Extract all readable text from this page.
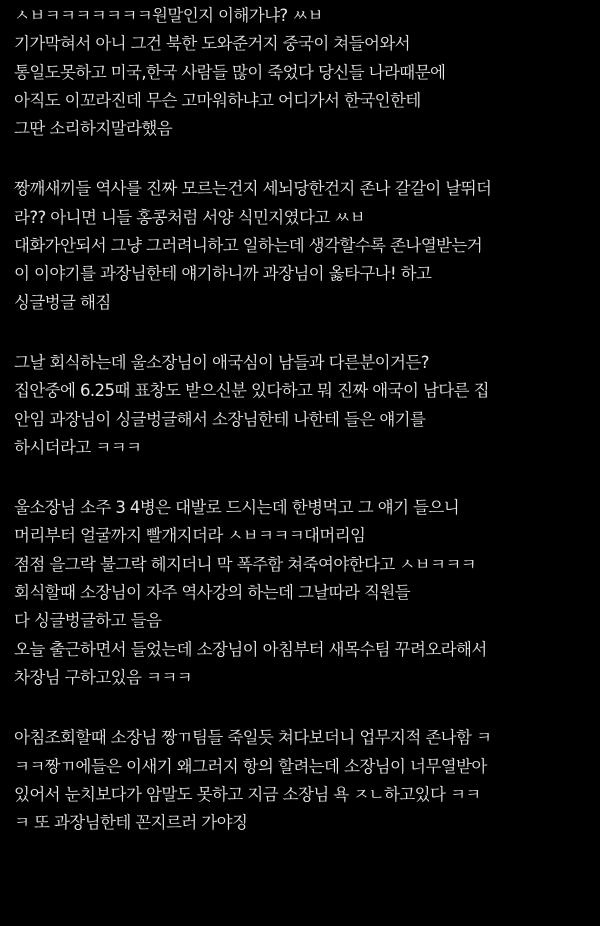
ㅅㅂㅋㅋㅋㅋㅋㅋㅋ원말인지 이해가냐? ㅆㅂ
기가막혀서 아니 그건 북한 도와준거지 중국이 쳐들어와서
통일도못하고 미국,한국 사람들 많이 죽었다 당신들 나라때문에
아직도 이꼬라진데 무슨 고마워하냐고 어디가서 한국인한테
그딴 소리하지말라했음
짱깨새끼들 역사를 진짜 모르는건지 세뇌당한건지 존나 갈갈이 날뛰더
라?? 아니면 니들 홍콩처럼 서양 식민지였다고 ㅆㅂ
대화가안되서 그냥 그러려니하고 일하는데 생각할수록 존나열받는거
이 이야기를 과장님한테 얘기하니까 과장님이 옳타구나! 하고
싱글벙글 해짐
그날 회식하는데 울소장님이 애국심이 남들과 다른분이거든?
집안중에 6.25때 표창도 받으신분 있다하고 뭐 진짜 애국이 남다른 집
안임 과장님이 싱글벙글해서 소장님한테 나한테 들은 얘기를
하시더라고 ㅋㅋㅋ
울소장님 소주 3 4병은 대발로 드시는데 한병먹고 그 얘기 들으니
머리부터 얼굴까지 빨개지더라 ㅅㅂㅋㅋㅋ대머리임
점점 을그락 불그락 헤지더니 막 폭주함 쳐죽여야한다고 ㅅㅂㅋㅋㅋ
회식할때 소장님이 자주 역사강의 하는데 그날따라 직원들
다 싱글벙글하고 들음
오늘 출근하면서 들었는데 소장님이 아침부터 새목수팀 꾸려오라해서
차장님 구하고있음 ㅋㅋㅋ
아침조회할때 소장님 짱ㄲ팀들 죽일듯 쳐다보더니 업무지적 존나함 ㅋ
ㅋㅋ짱ㄲ에들은 이새기 왜그러지 항의 할려는데 소장님이 너무열받아
있어서 눈치보다가 암말도 못하고 지금 소장님 욕 ㅈㄴ하고있다 ㅋㅋ
ㅋ 또 과장님한테 꼰지르러 가야징
